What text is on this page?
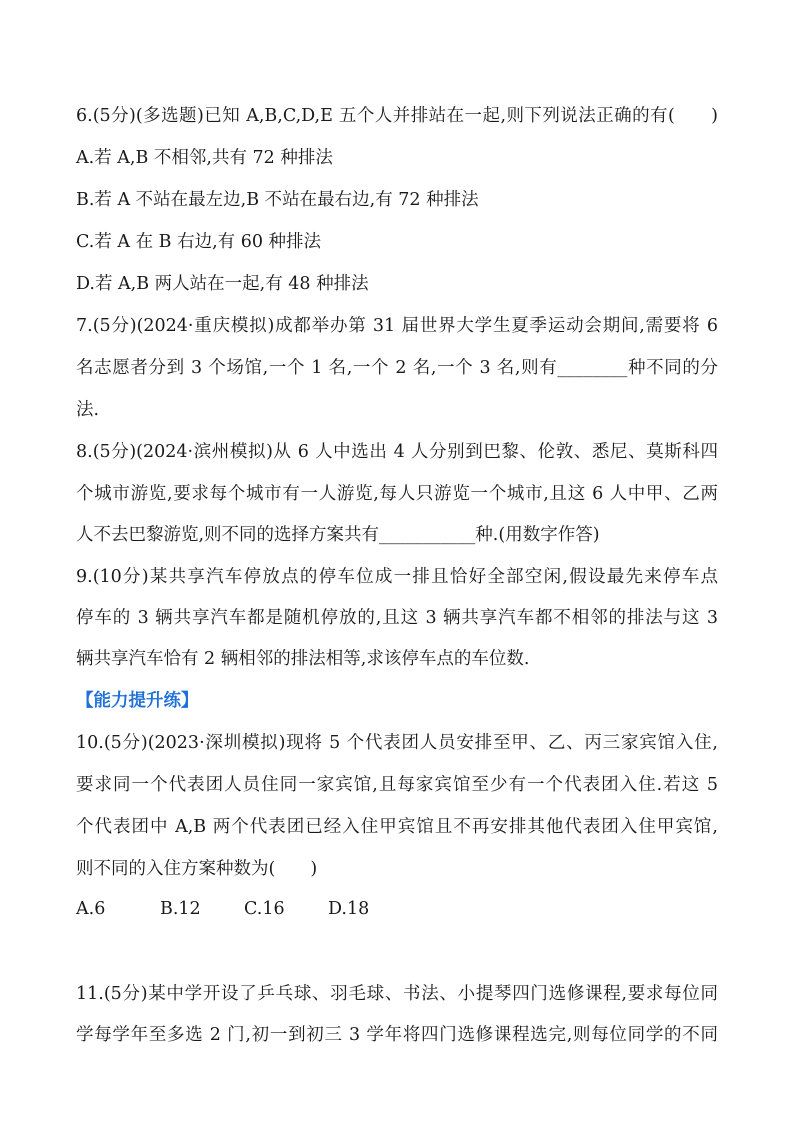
6.(5分)(多选题)已知 A,B,C,D,E 五个人并排站在一起,则下列说法正确的有(　　)
A.若 A,B 不相邻,共有 72 种排法
B.若 A 不站在最左边,B 不站在最右边,有 72 种排法
C.若 A 在 B 右边,有 60 种排法
D.若 A,B 两人站在一起,有 48 种排法
7.(5分)(2024·重庆模拟)成都举办第 31 届世界大学生夏季运动会期间,需要将 6
名志愿者分到 3 个场馆,一个 1 名,一个 2 名,一个 3 名,则有________种不同的分
法.
8.(5分)(2024·滨州模拟)从 6 人中选出 4 人分别到巴黎、伦敦、悉尼、莫斯科四
个城市游览,要求每个城市有一人游览,每人只游览一个城市,且这 6 人中甲、乙两
人不去巴黎游览,则不同的选择方案共有___________种.(用数字作答)
9.(10分)某共享汽车停放点的停车位成一排且恰好全部空闲,假设最先来停车点
停车的 3 辆共享汽车都是随机停放的,且这 3 辆共享汽车都不相邻的排法与这 3
辆共享汽车恰有 2 辆相邻的排法相等,求该停车点的车位数.
【能力提升练】
10.(5分)(2023·深圳模拟)现将 5 个代表团人员安排至甲、乙、丙三家宾馆入住,
要求同一个代表团人员住同一家宾馆,且每家宾馆至少有一个代表团入住.若这 5
个代表团中 A,B 两个代表团已经入住甲宾馆且不再安排其他代表团入住甲宾馆,
则不同的入住方案种数为(　　)
A.6	B.12 C.16 D.18
11.(5分)某中学开设了乒乓球、羽毛球、书法、小提琴四门选修课程,要求每位同
学每学年至多选 2 门,初一到初三 3 学年将四门选修课程选完,则每位同学的不同
